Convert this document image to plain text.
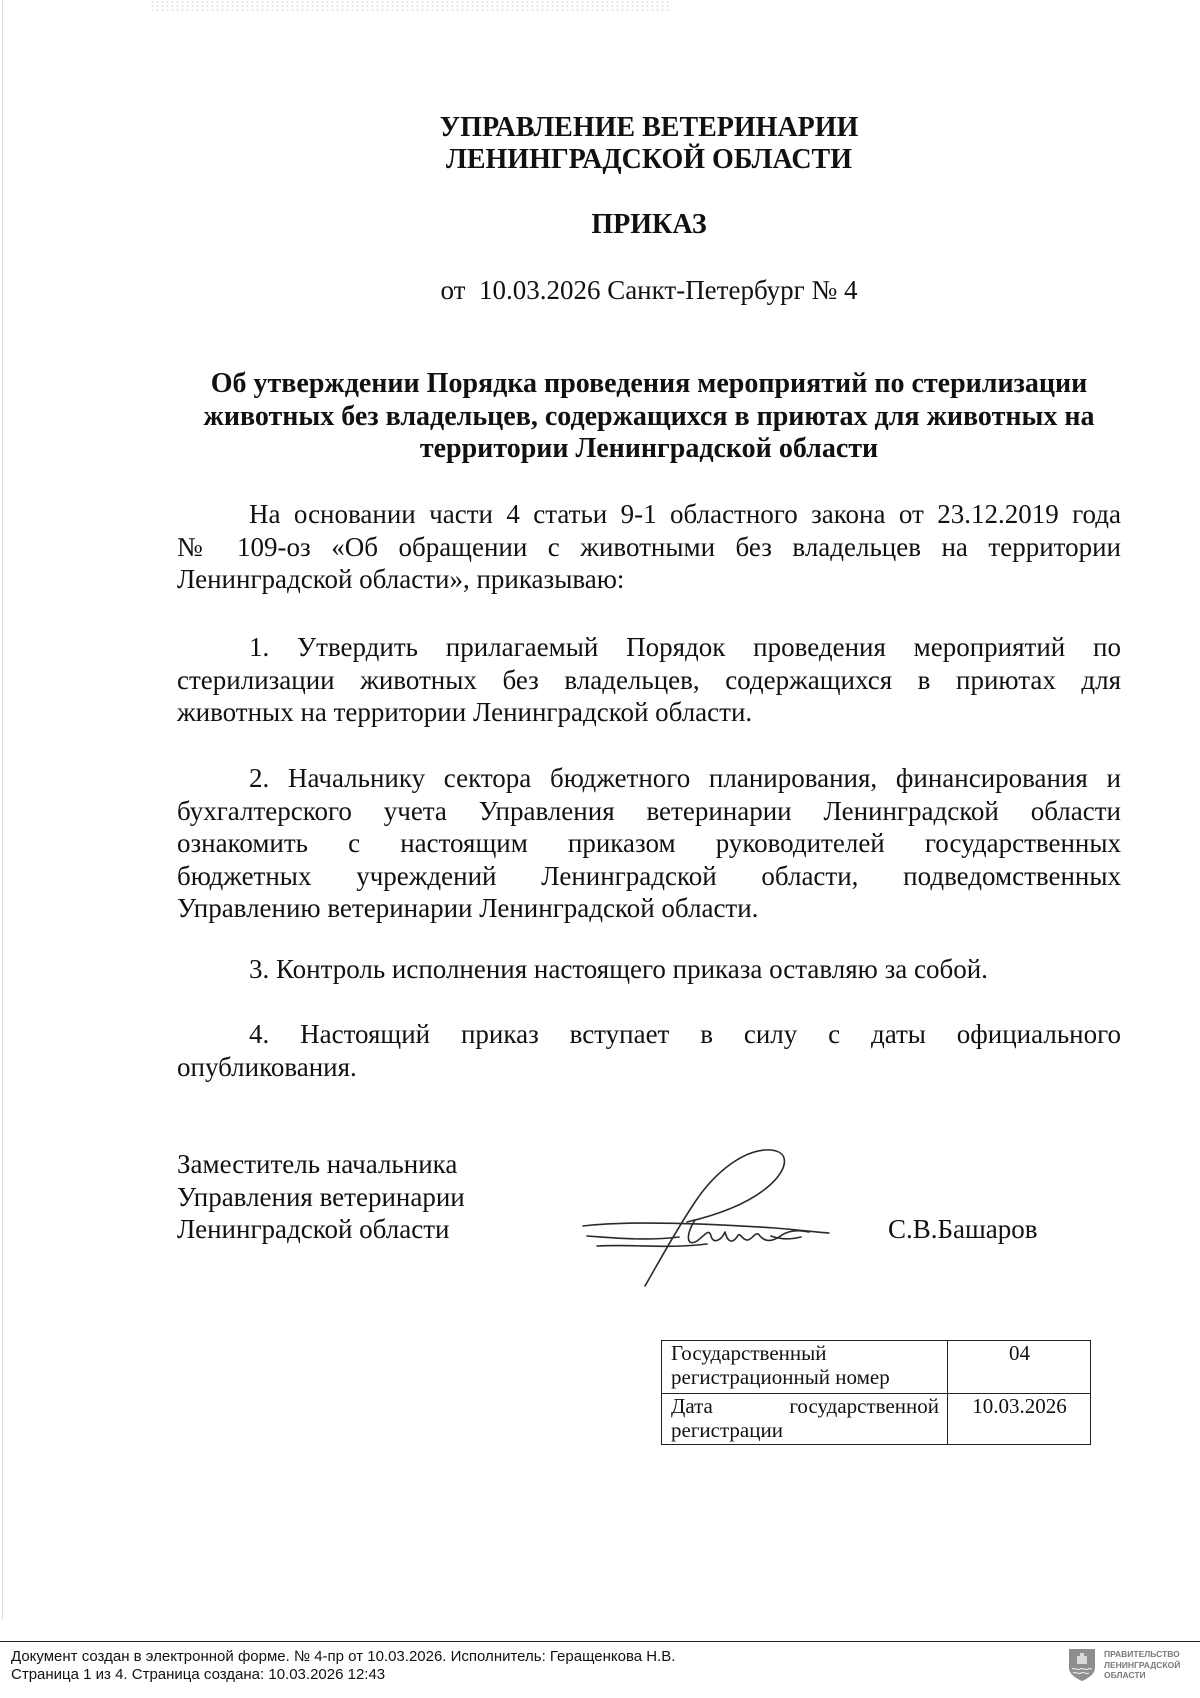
УПРАВЛЕНИЕ ВЕТЕРИНАРИИ
ЛЕНИНГРАДСКОЙ ОБЛАСТИ
ПРИКАЗ
от  10.03.2026 Санкт-Петербург № 4
Об утверждении Порядка проведения мероприятий по стерилизации
животных без владельцев, содержащихся в приютах для животных на
территории Ленинградской области
На основании части 4 статьи 9-1 областного закона от 23.12.2019 года
№ 109-оз «Об обращении с животными без владельцев на территории
Ленинградской области», приказываю:
1. Утвердить прилагаемый Порядок проведения мероприятий по
стерилизации животных без владельцев, содержащихся в приютах для
животных на территории Ленинградской области.
2. Начальнику сектора бюджетного планирования, финансирования и
бухгалтерского учета Управления ветеринарии Ленинградской области
ознакомить с настоящим приказом руководителей государственных
бюджетных учреждений Ленинградской области, подведомственных
Управлению ветеринарии Ленинградской области.
3. Контроль исполнения настоящего приказа оставляю за собой.
4. Настоящий приказ вступает в силу с даты официального
опубликования.
Заместитель начальника
Управления ветеринарии
Ленинградской области	С.В.Башаров
Государственный
регистрационный номер	04

Дата государственной
регистрации	10.03.2026
Документ создан в электронной форме. № 4-пр от 10.03.2026. Исполнитель: Геращенкова Н.В.
Страница 1 из 4. Страница создана: 10.03.2026 12:43
ПРАВИТЕЛЬСТВО
ЛЕНИНГРАДСКОЙ
ОБЛАСТИ
